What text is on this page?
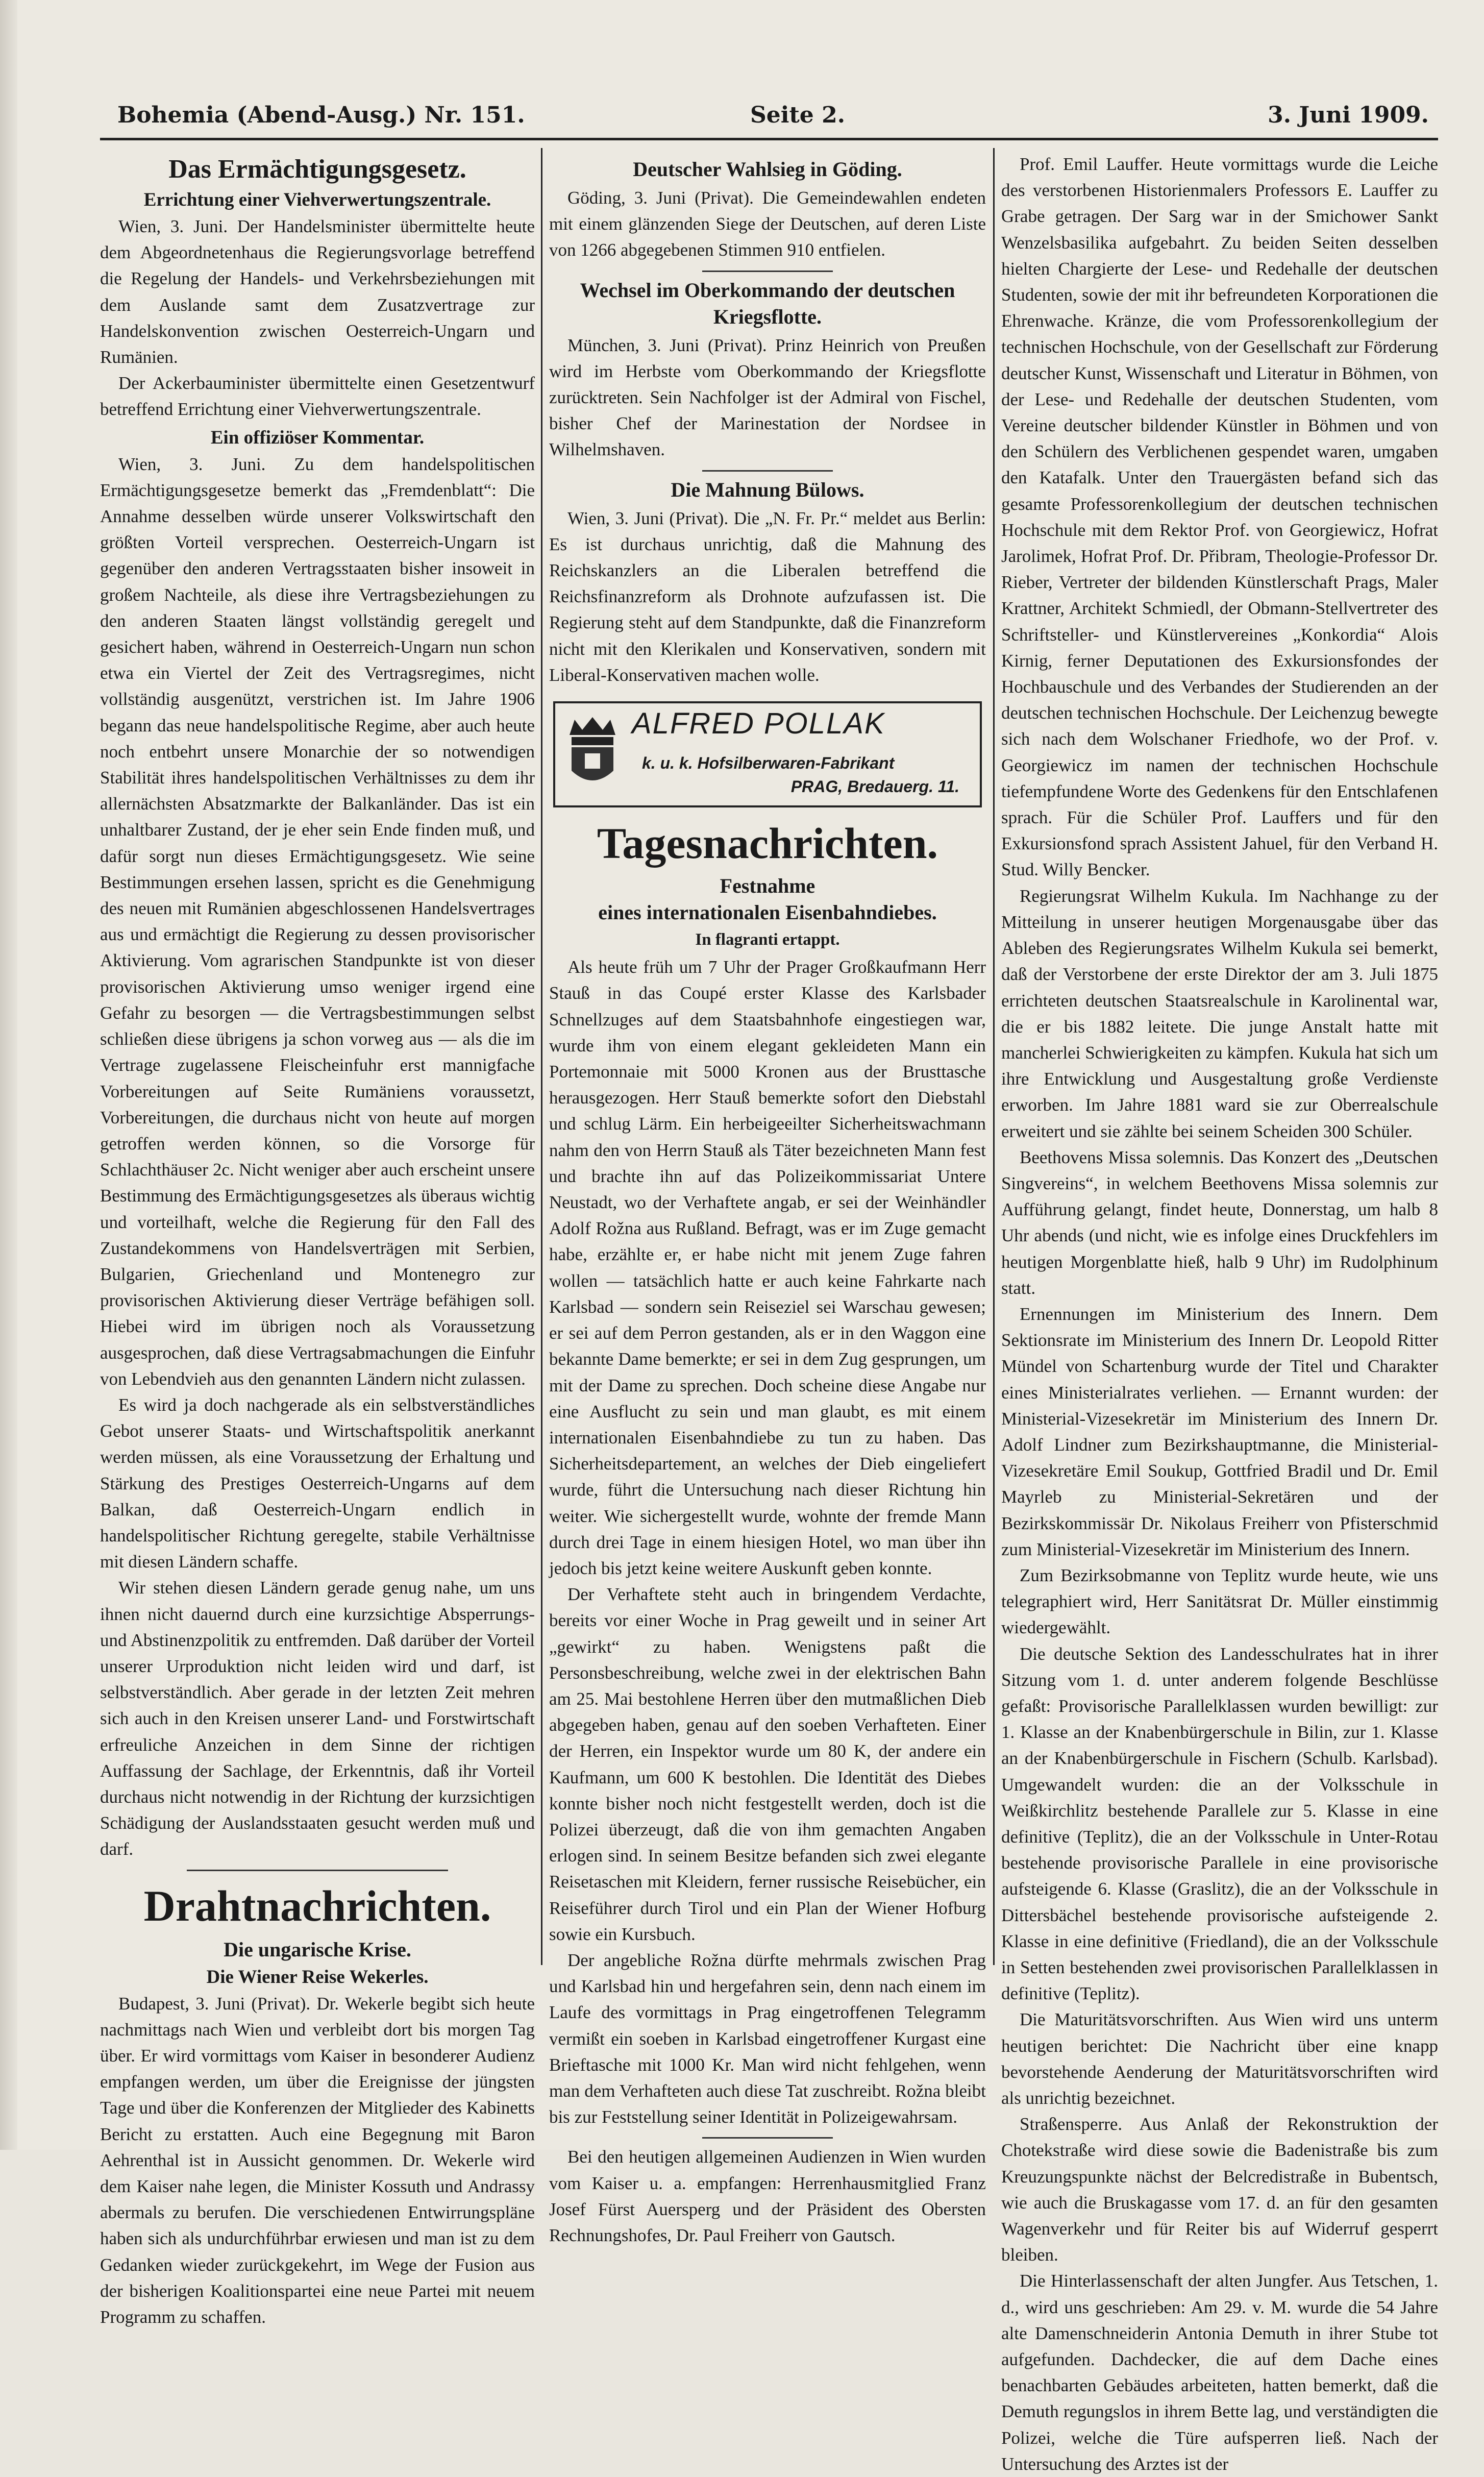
Bohemia (Abend-Ausg.) Nr. 151.	Seite 2.	3. Juni 1909.
Das Ermächtigungsgesetz.
Errichtung einer Viehverwertungszentrale.

Wien, 3. Juni. Der Handelsminister übermittelte heute dem Abgeordnetenhaus die Regierungsvorlage betreffend die Regelung der Handels- und Verkehrsbeziehungen mit dem Auslande samt dem Zusatzvertrage zur Handelskonvention zwischen Oesterreich-Ungarn und Rumänien.

Der Ackerbauminister übermittelte einen Gesetzentwurf betreffend Errichtung einer Viehverwertungszentrale.

Ein offiziöser Kommentar.

Wien, 3. Juni. Zu dem handelspolitischen Ermächtigungsgesetze bemerkt das „Fremdenblatt“: Die Annahme desselben würde unserer Volkswirtschaft den größten Vorteil versprechen. Oesterreich-Ungarn ist gegenüber den anderen Vertragsstaaten bisher insoweit in großem Nachteile, als diese ihre Vertragsbeziehungen zu den anderen Staaten längst vollständig geregelt und gesichert haben, während in Oesterreich-Ungarn nun schon etwa ein Viertel der Zeit des Vertragsregimes, nicht vollständig ausgenützt, verstrichen ist. Im Jahre 1906 begann das neue handelspolitische Regime, aber auch heute noch entbehrt unsere Monarchie der so notwendigen Stabilität ihres handelspolitischen Verhältnisses zu dem ihr allernächsten Absatzmarkte der Balkanländer. Das ist ein unhaltbarer Zustand, der je eher sein Ende finden muß, und dafür sorgt nun dieses Ermächtigungsgesetz. Wie seine Bestimmungen ersehen lassen, spricht es die Genehmigung des neuen mit Rumänien abgeschlossenen Handelsvertrages aus und ermächtigt die Regierung zu dessen provisorischer Aktivierung. Vom agrarischen Standpunkte ist von dieser provisorischen Aktivierung umso weniger irgend eine Gefahr zu besorgen — die Vertragsbestimmungen selbst schließen diese übrigens ja schon vorweg aus — als die im Vertrage zugelassene Fleischeinfuhr erst mannigfache Vorbereitungen auf Seite Rumäniens voraussetzt, Vorbereitungen, die durchaus nicht von heute auf morgen getroffen werden können, so die Vorsorge für Schlachthäuser 2c. Nicht weniger aber auch erscheint unsere Bestimmung des Ermächtigungsgesetzes als überaus wichtig und vorteilhaft, welche die Regierung für den Fall des Zustandekommens von Handelsverträgen mit Serbien, Bulgarien, Griechenland und Montenegro zur provisorischen Aktivierung dieser Verträge befähigen soll. Hiebei wird im übrigen noch als Voraussetzung ausgesprochen, daß diese Vertragsabmachungen die Einfuhr von Lebendvieh aus den genannten Ländern nicht zulassen.

Es wird ja doch nachgerade als ein selbstverständliches Gebot unserer Staats- und Wirtschaftspolitik anerkannt werden müssen, als eine Voraussetzung der Erhaltung und Stärkung des Prestiges Oesterreich-Ungarns auf dem Balkan, daß Oesterreich-Ungarn endlich in handelspolitischer Richtung geregelte, stabile Verhältnisse mit diesen Ländern schaffe.

Wir stehen diesen Ländern gerade genug nahe, um uns ihnen nicht dauernd durch eine kurzsichtige Absperrungs- und Abstinenzpolitik zu entfremden. Daß darüber der Vorteil unserer Urproduktion nicht leiden wird und darf, ist selbstverständlich. Aber gerade in der letzten Zeit mehren sich auch in den Kreisen unserer Land- und Forstwirtschaft erfreuliche Anzeichen in dem Sinne der richtigen Auffassung der Sachlage, der Erkenntnis, daß ihr Vorteil durchaus nicht notwendig in der Richtung der kurzsichtigen Schädigung der Auslandsstaaten gesucht werden muß und darf.

Drahtnachrichten.
Die ungarische Krise.
Die Wiener Reise Wekerles.

Budapest, 3. Juni (Privat). Dr. Wekerle begibt sich heute nachmittags nach Wien und verbleibt dort bis morgen Tag über. Er wird vormittags vom Kaiser in besonderer Audienz empfangen werden, um über die Ereignisse der jüngsten Tage und über die Konferenzen der Mitglieder des Kabinetts Bericht zu erstatten. Auch eine Begegnung mit Baron Aehrenthal ist in Aussicht genommen. Dr. Wekerle wird dem Kaiser nahe legen, die Minister Kossuth und Andrassy abermals zu berufen. Die verschiedenen Entwirrungspläne haben sich als undurchführbar erwiesen und man ist zu dem Gedanken wieder zurückgekehrt, im Wege der Fusion aus der bisherigen Koalitionspartei eine neue Partei mit neuem Programm zu schaffen.

Deutscher Wahlsieg in Göding.

Göding, 3. Juni (Privat). Die Gemeindewahlen endeten mit einem glänzenden Siege der Deutschen, auf deren Liste von 1266 abgegebenen Stimmen 910 entfielen.

Wechsel im Oberkommando der deutschen Kriegsflotte.

München, 3. Juni (Privat). Prinz Heinrich von Preußen wird im Herbste vom Oberkommando der Kriegsflotte zurücktreten. Sein Nachfolger ist der Admiral von Fischel, bisher Chef der Marinestation der Nordsee in Wilhelmshaven.

Die Mahnung Bülows.

Wien, 3. Juni (Privat). Die „N. Fr. Pr.“ meldet aus Berlin: Es ist durchaus unrichtig, daß die Mahnung des Reichskanzlers an die Liberalen betreffend die Reichsfinanzreform als Drohnote aufzufassen ist. Die Regierung steht auf dem Standpunkte, daß die Finanzreform nicht mit den Klerikalen und Konservativen, sondern mit Liberal-Konservativen machen wolle.

ALFRED POLLAK
k. u. k. Hofsilberwaren-Fabrikant
PRAG, Bredauerg. 11.
Tagesnachrichten.
Festnahme
eines internationalen Eisenbahndiebes.
In flagranti ertappt.

Als heute früh um 7 Uhr der Prager Großkaufmann Herr Stauß in das Coupé erster Klasse des Karlsbader Schnellzuges auf dem Staatsbahnhofe eingestiegen war, wurde ihm von einem elegant gekleideten Mann ein Portemonnaie mit 5000 Kronen aus der Brusttasche herausgezogen. Herr Stauß bemerkte sofort den Diebstahl und schlug Lärm. Ein herbeigeeilter Sicherheitswachmann nahm den von Herrn Stauß als Täter bezeichneten Mann fest und brachte ihn auf das Polizeikommissariat Untere Neustadt, wo der Verhaftete angab, er sei der Weinhändler Adolf Rožna aus Rußland. Befragt, was er im Zuge gemacht habe, erzählte er, er habe nicht mit jenem Zuge fahren wollen — tatsächlich hatte er auch keine Fahrkarte nach Karlsbad — sondern sein Reiseziel sei Warschau gewesen; er sei auf dem Perron gestanden, als er in den Waggon eine bekannte Dame bemerkte; er sei in dem Zug gesprungen, um mit der Dame zu sprechen. Doch scheine diese Angabe nur eine Ausflucht zu sein und man glaubt, es mit einem internationalen Eisenbahndiebe zu tun zu haben. Das Sicherheitsdepartement, an welches der Dieb eingeliefert wurde, führt die Untersuchung nach dieser Richtung hin weiter. Wie sichergestellt wurde, wohnte der fremde Mann durch drei Tage in einem hiesigen Hotel, wo man über ihn jedoch bis jetzt keine weitere Auskunft geben konnte.

Der Verhaftete steht auch in bringendem Verdachte, bereits vor einer Woche in Prag geweilt und in seiner Art „gewirkt“ zu haben. Wenigstens paßt die Personsbeschreibung, welche zwei in der elektrischen Bahn am 25. Mai bestohlene Herren über den mutmaßlichen Dieb abgegeben haben, genau auf den soeben Verhafteten. Einer der Herren, ein Inspektor wurde um 80 K, der andere ein Kaufmann, um 600 K bestohlen. Die Identität des Diebes konnte bisher noch nicht festgestellt werden, doch ist die Polizei überzeugt, daß die von ihm gemachten Angaben erlogen sind. In seinem Besitze befanden sich zwei elegante Reisetaschen mit Kleidern, ferner russische Reisebücher, ein Reiseführer durch Tirol und ein Plan der Wiener Hofburg sowie ein Kursbuch.

Der angebliche Rožna dürfte mehrmals zwischen Prag und Karlsbad hin und hergefahren sein, denn nach einem im Laufe des vormittags in Prag eingetroffenen Telegramm vermißt ein soeben in Karlsbad eingetroffener Kurgast eine Brieftasche mit 1000 Kr. Man wird nicht fehlgehen, wenn man dem Verhafteten auch diese Tat zuschreibt. Rožna bleibt bis zur Feststellung seiner Identität in Polizeigewahrsam.

Bei den heutigen allgemeinen Audienzen in Wien wurden vom Kaiser u. a. empfangen: Herrenhausmitglied Franz Josef Fürst Auersperg und der Präsident des Obersten Rechnungshofes, Dr. Paul Freiherr von Gautsch.

Prof. Emil Lauffer. Heute vormittags wurde die Leiche des verstorbenen Historienmalers Professors E. Lauffer zu Grabe getragen. Der Sarg war in der Smichower Sankt Wenzelsbasilika aufgebahrt. Zu beiden Seiten desselben hielten Chargierte der Lese- und Redehalle der deutschen Studenten, sowie der mit ihr befreundeten Korporationen die Ehrenwache. Kränze, die vom Professorenkollegium der technischen Hochschule, von der Gesellschaft zur Förderung deutscher Kunst, Wissenschaft und Literatur in Böhmen, von der Lese- und Redehalle der deutschen Studenten, vom Vereine deutscher bildender Künstler in Böhmen und von den Schülern des Verblichenen gespendet waren, umgaben den Katafalk. Unter den Trauergästen befand sich das gesamte Professorenkollegium der deutschen technischen Hochschule mit dem Rektor Prof. von Georgiewicz, Hofrat Jarolimek, Hofrat Prof. Dr. Přibram, Theologie-Professor Dr. Rieber, Vertreter der bildenden Künstlerschaft Prags, Maler Krattner, Architekt Schmiedl, der Obmann-Stellvertreter des Schriftsteller- und Künstlervereines „Konkordia“ Alois Kirnig, ferner Deputationen des Exkursionsfondes der Hochbauschule und des Verbandes der Studierenden an der deutschen technischen Hochschule. Der Leichenzug bewegte sich nach dem Wolschaner Friedhofe, wo der Prof. v. Georgiewicz im namen der technischen Hochschule tiefempfundene Worte des Gedenkens für den Entschlafenen sprach. Für die Schüler Prof. Lauffers und für den Exkursionsfond sprach Assistent Jahuel, für den Verband H. Stud. Willy Bencker.

Regierungsrat Wilhelm Kukula. Im Nachhange zu der Mitteilung in unserer heutigen Morgenausgabe über das Ableben des Regierungsrates Wilhelm Kukula sei bemerkt, daß der Verstorbene der erste Direktor der am 3. Juli 1875 errichteten deutschen Staatsrealschule in Karolinental war, die er bis 1882 leitete. Die junge Anstalt hatte mit mancherlei Schwierigkeiten zu kämpfen. Kukula hat sich um ihre Entwicklung und Ausgestaltung große Verdienste erworben. Im Jahre 1881 ward sie zur Oberrealschule erweitert und sie zählte bei seinem Scheiden 300 Schüler.

Beethovens Missa solemnis. Das Konzert des „Deutschen Singvereins“, in welchem Beethovens Missa solemnis zur Aufführung gelangt, findet heute, Donnerstag, um halb 8 Uhr abends (und nicht, wie es infolge eines Druckfehlers im heutigen Morgenblatte hieß, halb 9 Uhr) im Rudolphinum statt.

Ernennungen im Ministerium des Innern. Dem Sektionsrate im Ministerium des Innern Dr. Leopold Ritter Mündel von Schartenburg wurde der Titel und Charakter eines Ministerialrates verliehen. — Ernannt wurden: der Ministerial-Vizesekretär im Ministerium des Innern Dr. Adolf Lindner zum Bezirkshauptmanne, die Ministerial-Vizesekretäre Emil Soukup, Gottfried Bradil und Dr. Emil Mayrleb zu Ministerial-Sekretären und der Bezirkskommissär Dr. Nikolaus Freiherr von Pfisterschmid zum Ministerial-Vizesekretär im Ministerium des Innern.

Zum Bezirksobmanne von Teplitz wurde heute, wie uns telegraphiert wird, Herr Sanitätsrat Dr. Müller einstimmig wiedergewählt.

Die deutsche Sektion des Landesschulrates hat in ihrer Sitzung vom 1. d. unter anderem folgende Beschlüsse gefaßt: Provisorische Parallelklassen wurden bewilligt: zur 1. Klasse an der Knabenbürgerschule in Bilin, zur 1. Klasse an der Knabenbürgerschule in Fischern (Schulb. Karlsbad). Umgewandelt wurden: die an der Volksschule in Weißkirchlitz bestehende Parallele zur 5. Klasse in eine definitive (Teplitz), die an der Volksschule in Unter-Rotau bestehende provisorische Parallele in eine provisorische aufsteigende 6. Klasse (Graslitz), die an der Volksschule in Dittersbächel bestehende provisorische aufsteigende 2. Klasse in eine definitive (Friedland), die an der Volksschule in Setten bestehenden zwei provisorischen Parallelklassen in definitive (Teplitz).

Die Maturitätsvorschriften. Aus Wien wird uns unterm heutigen berichtet: Die Nachricht über eine knapp bevorstehende Aenderung der Maturitätsvorschriften wird als unrichtig bezeichnet.

Straßensperre. Aus Anlaß der Rekonstruktion der Chotekstraße wird diese sowie die Badenistraße bis zum Kreuzungspunkte nächst der Belcredistraße in Bubentsch, wie auch die Bruskagasse vom 17. d. an für den gesamten Wagenverkehr und für Reiter bis auf Widerruf gesperrt bleiben.

Die Hinterlassenschaft der alten Jungfer. Aus Tetschen, 1. d., wird uns geschrieben: Am 29. v. M. wurde die 54 Jahre alte Damenschneiderin Antonia Demuth in ihrer Stube tot aufgefunden. Dachdecker, die auf dem Dache eines benachbarten Gebäudes arbeiteten, hatten bemerkt, daß die Demuth regungslos in ihrem Bette lag, und verständigten die Polizei, welche die Türe aufsperren ließ. Nach der Untersuchung des Arztes ist der
